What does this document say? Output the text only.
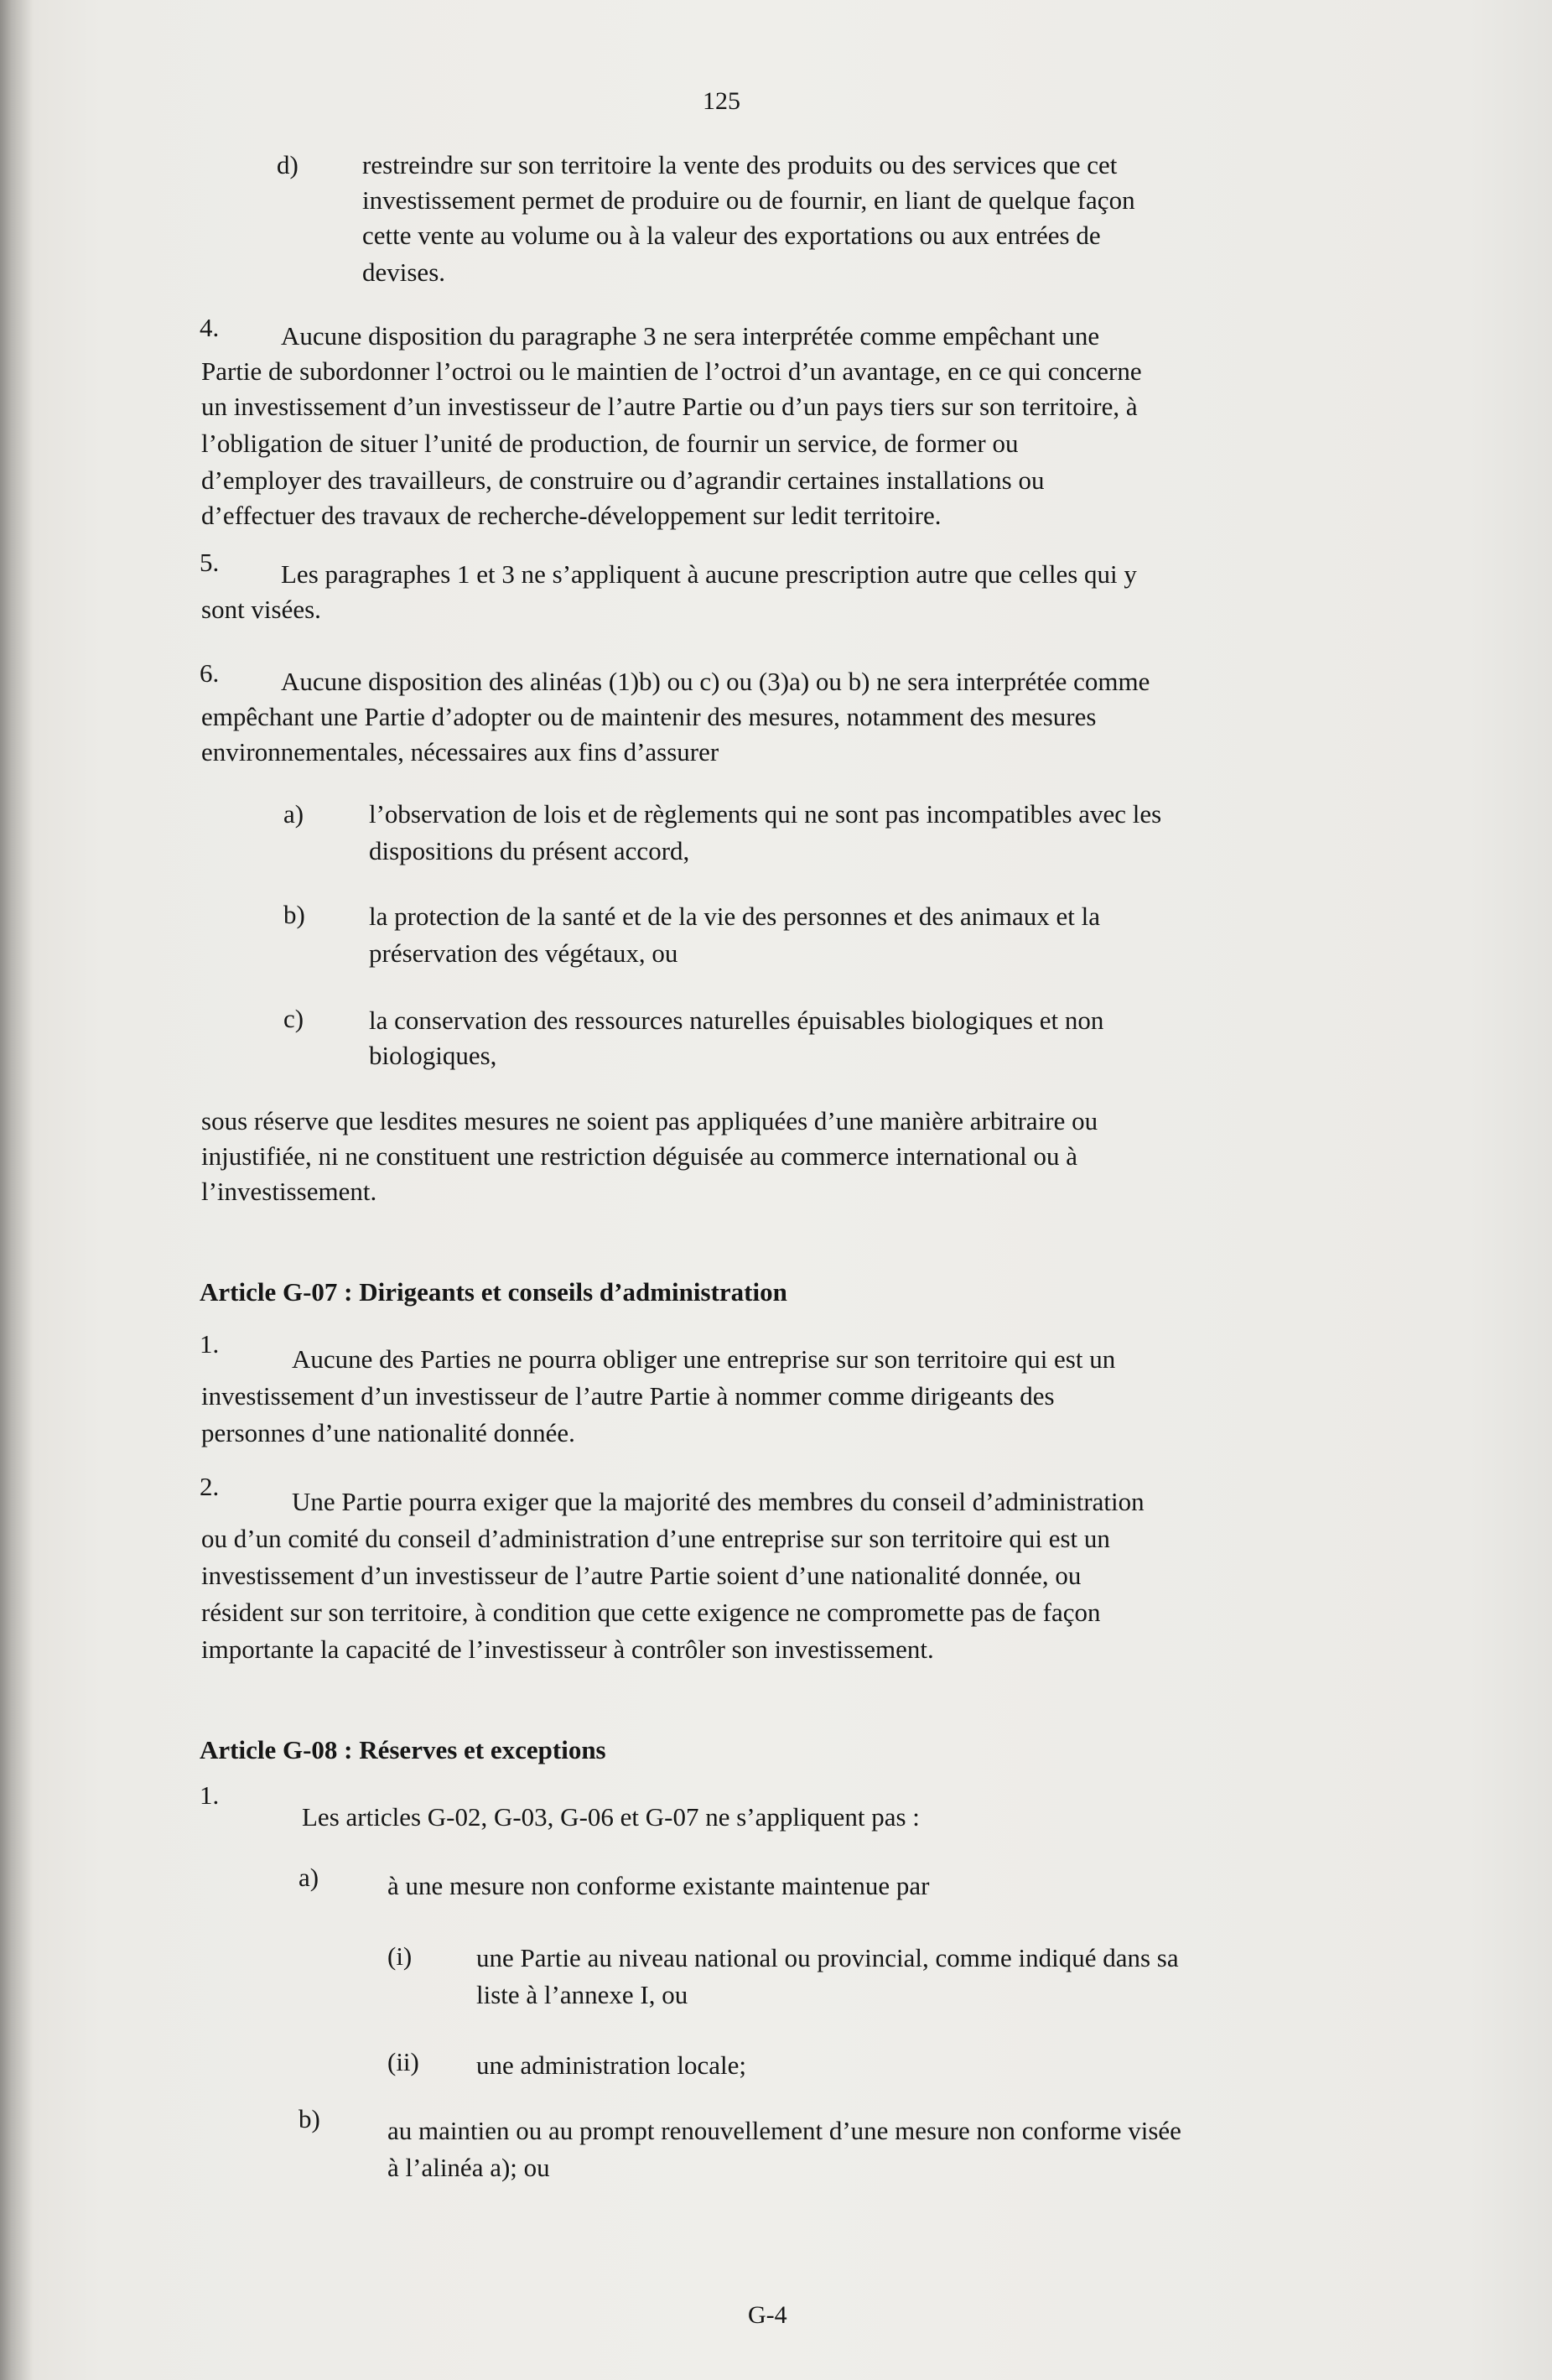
125
d) restreindre sur son territoire la vente des produits ou des services que cet
investissement permet de produire ou de fournir, en liant de quelque façon
cette vente au volume ou à la valeur des exportations ou aux entrées de
devises.
4. Aucune disposition du paragraphe 3 ne sera interprétée comme empêchant une
Partie de subordonner l’octroi ou le maintien de l’octroi d’un avantage, en ce qui concerne
un investissement d’un investisseur de l’autre Partie ou d’un pays tiers sur son territoire, à
l’obligation de situer l’unité de production, de fournir un service, de former ou
d’employer des travailleurs, de construire ou d’agrandir certaines installations ou
d’effectuer des travaux de recherche-développement sur ledit territoire.
5. Les paragraphes 1 et 3 ne s’appliquent à aucune prescription autre que celles qui y
sont visées.
6. Aucune disposition des alinéas (1)b) ou c) ou (3)a) ou b) ne sera interprétée comme
empêchant une Partie d’adopter ou de maintenir des mesures, notamment des mesures
environnementales, nécessaires aux fins d’assurer
a)	l’observation de lois et de règlements qui ne sont pas incompatibles avec les
dispositions du présent accord,
b) la protection de la santé et de la vie des personnes et des animaux et la
préservation des végétaux, ou
c)	la conservation des ressources naturelles épuisables biologiques et non
biologiques,
sous réserve que lesdites mesures ne soient pas appliquées d’une manière arbitraire ou
injustifiée, ni ne constituent une restriction déguisée au commerce international ou à
l’investissement.
Article G-07 : Dirigeants et conseils d’administration
1.
Aucune des Parties ne pourra obliger une entreprise sur son territoire qui est un
investissement d’un investisseur de l’autre Partie à nommer comme dirigeants des
personnes d’une nationalité donnée.
2.
Une Partie pourra exiger que la majorité des membres du conseil d’administration
ou d’un comité du conseil d’administration d’une entreprise sur son territoire qui est un
investissement d’un investisseur de l’autre Partie soient d’une nationalité donnée, ou
résident sur son territoire, à condition que cette exigence ne compromette pas de façon
importante la capacité de l’investisseur à contrôler son investissement.
Article G-08 : Réserves et exceptions
1.
Les articles G-02, G-03, G-06 et G-07 ne s’appliquent pas :
a)	à une mesure non conforme existante maintenue par
(i) une Partie au niveau national ou provincial, comme indiqué dans sa
liste à l’annexe I, ou
(ii) une administration locale;
b)	au maintien ou au prompt renouvellement d’une mesure non conforme visée
à l’alinéa a); ou
G-4
